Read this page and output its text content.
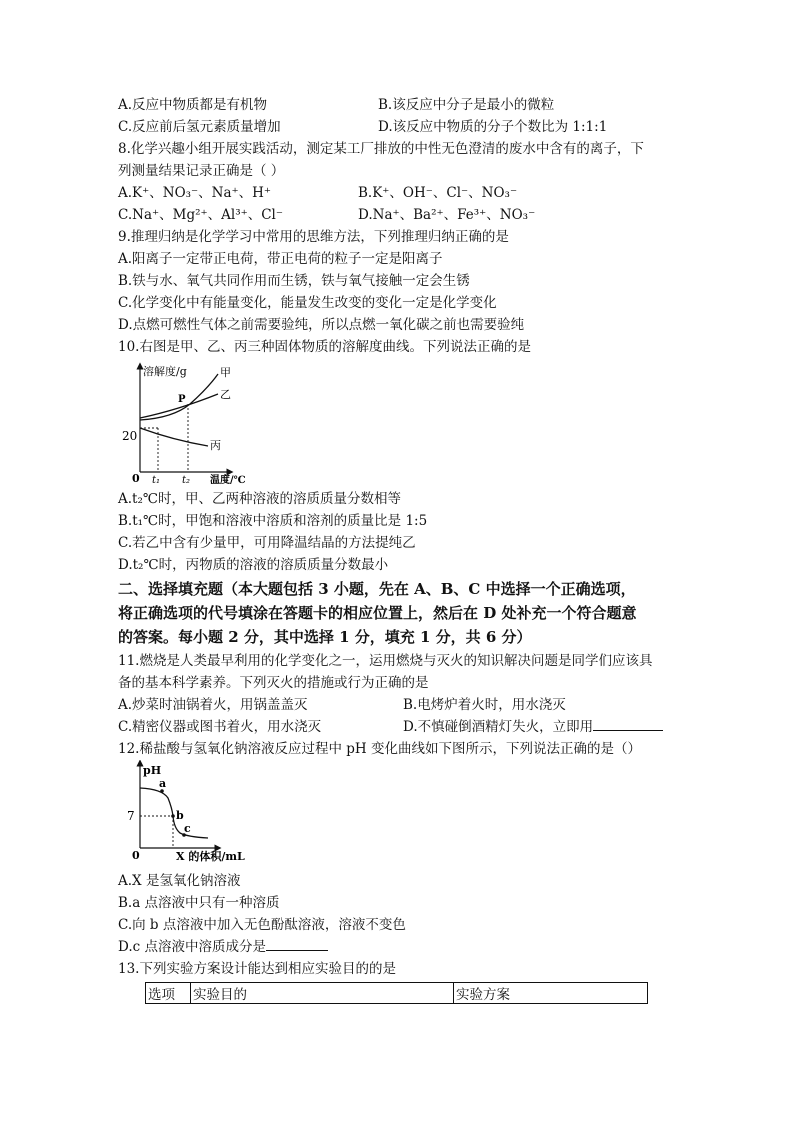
A.反应中物质都是有机物	B.该反应中分子是最小的微粒
C.反应前后氢元素质量增加	D.该反应中物质的分子个数比为 1:1:1
8.化学兴趣小组开展实践活动，测定某工厂排放的中性无色澄清的废水中含有的离子，下
列测量结果记录正确是（ ）
A.K⁺、NO₃⁻、Na⁺、H⁺	B.K⁺、OH⁻、Cl⁻、NO₃⁻
C.Na⁺、Mg²⁺、Al³⁺、Cl⁻	D.Na⁺、Ba²⁺、Fe³⁺、NO₃⁻
9.推理归纳是化学学习中常用的思维方法，下列推理归纳正确的是
A.阳离子一定带正电荷，带正电荷的粒子一定是阳离子
B.铁与水、氧气共同作用而生锈，铁与氧气接触一定会生锈
C.化学变化中有能量变化，能量发生改变的变化一定是化学变化
D.点燃可燃性气体之前需要验纯，所以点燃一氧化碳之前也需要验纯
10.右图是甲、乙、丙三种固体物质的溶解度曲线。下列说法正确的是
溶解度/g	甲
乙
丙
P
20
0 t₁ t₂ 温度/℃
A.t₂℃时，甲、乙两种溶液的溶质质量分数相等
B.t₁℃时，甲饱和溶液中溶质和溶剂的质量比是 1:5
C.若乙中含有少量甲，可用降温结晶的方法提纯乙
D.t₂℃时，丙物质的溶液的溶质质量分数最小
二、选择填充题（本大题包括 3 小题，先在 A、B、C 中选择一个正确选项，
将正确选项的代号填涂在答题卡的相应位置上，然后在 D 处补充一个符合题意
的答案。每小题 2 分，其中选择 1 分，填充 1 分，共 6 分）
11.燃烧是人类最早利用的化学变化之一，运用燃烧与灭火的知识解决问题是同学们应该具
备的基本科学素养。下列灭火的措施或行为正确的是
A.炒菜时油锅着火，用锅盖盖灭	B.电烤炉着火时，用水浇灭
C.精密仪器或图书着火，用水浇灭	D.不慎碰倒酒精灯失火，立即用
12.稀盐酸与氢氧化钠溶液反应过程中 pH 变化曲线如下图所示，下列说法正确的是（）
pH
a
b
c
7
0	X 的体积/mL
A.X 是氢氧化钠溶液
B.a 点溶液中只有一种溶质
C.向 b 点溶液中加入无色酚酞溶液，溶液不变色
D.c 点溶液中溶质成分是
13.下列实验方案设计能达到相应实验目的的是
选项	实验目的	实验方案
